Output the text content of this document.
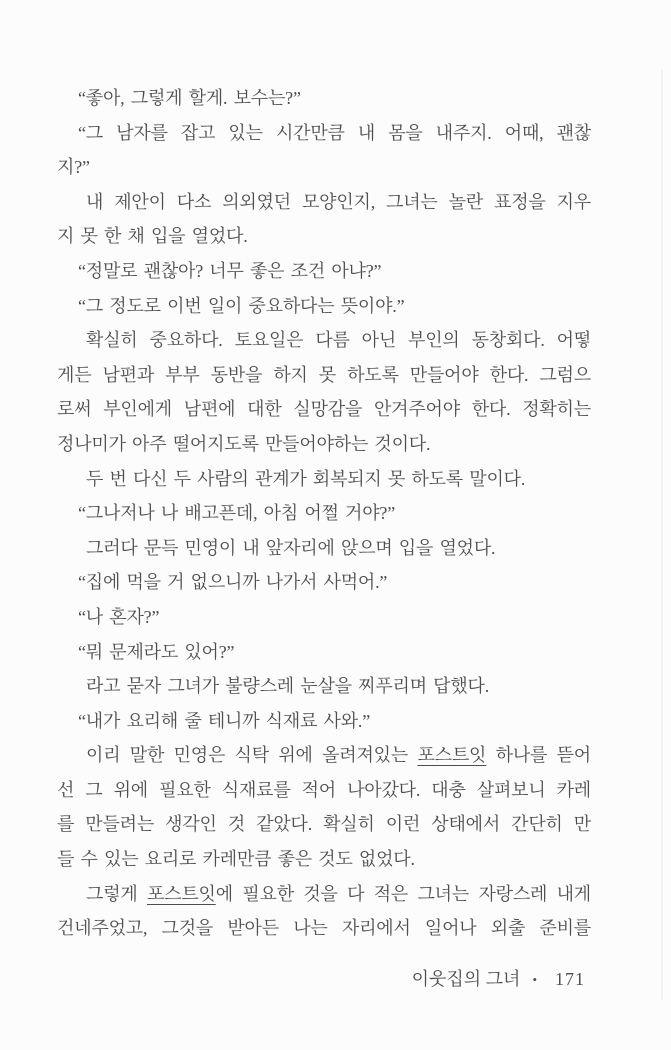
“좋아, 그렇게 할게. 보수는?”
“그 남자를 잡고 있는 시간만큼 내 몸을 내주지. 어때, 괜찮
지?”
내 제안이 다소 의외였던 모양인지, 그녀는 놀란 표정을 지우
지 못 한 채 입을 열었다.
“정말로 괜찮아? 너무 좋은 조건 아냐?”
“그 정도로 이번 일이 중요하다는 뜻이야.”
확실히 중요하다. 토요일은 다름 아닌 부인의 동창회다. 어떻
게든 남편과 부부 동반을 하지 못 하도록 만들어야 한다. 그럼으
로써 부인에게 남편에 대한 실망감을 안겨주어야 한다. 정확히는
정나미가 아주 떨어지도록 만들어야하는 것이다.
두 번 다신 두 사람의 관계가 회복되지 못 하도록 말이다.
“그나저나 나 배고픈데, 아침 어쩔 거야?”
그러다 문득 민영이 내 앞자리에 앉으며 입을 열었다.
“집에 먹을 거 없으니까 나가서 사먹어.”
“나 혼자?”
“뭐 문제라도 있어?”
라고 묻자 그녀가 불량스레 눈살을 찌푸리며 답했다.
“내가 요리해 줄 테니까 식재료 사와.”
이리 말한 민영은 식탁 위에 올려져있는 포스트잇 하나를 뜯어
선 그 위에 필요한 식재료를 적어 나아갔다. 대충 살펴보니 카레
를 만들려는 생각인 것 같았다. 확실히 이런 상태에서 간단히 만
들 수 있는 요리로 카레만큼 좋은 것도 없었다.
그렇게 포스트잇에 필요한 것을 다 적은 그녀는 자랑스레 내게
건네주었고, 그것을 받아든 나는 자리에서 일어나 외출 준비를
이웃집의 그녀 • 171
